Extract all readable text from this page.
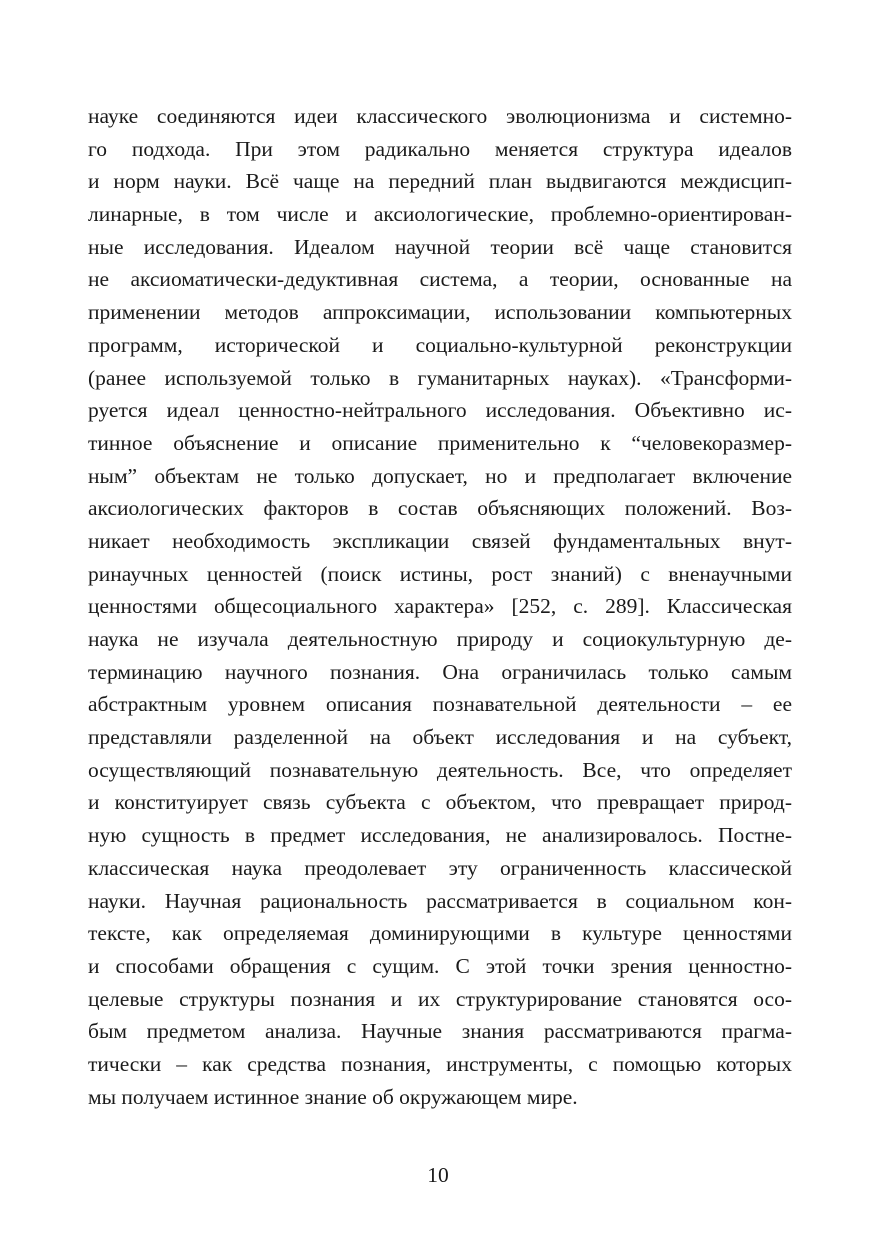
науке соединяются идеи классического эволюционизма и системно-
го подхода. При этом радикально меняется структура идеалов
и норм науки. Всё чаще на передний план выдвигаются междисцип-
линарные, в том числе и аксиологические, проблемно-ориентирован-
ные исследования. Идеалом научной теории всё чаще становится
не аксиоматически-дедуктивная система, а теории, основанные на
применении методов аппроксимации, использовании компьютерных
программ, исторической и социально-культурной реконструкции
(ранее используемой только в гуманитарных науках). «Трансформи-
руется идеал ценностно-нейтрального исследования. Объективно ис-
тинное объяснение и описание применительно к “человекоразмер-
ным” объектам не только допускает, но и предполагает включение
аксиологических факторов в состав объясняющих положений. Воз-
никает необходимость экспликации связей фундаментальных внут-
ринаучных ценностей (поиск истины, рост знаний) с вненаучными
ценностями общесоциального характера» [252, с. 289]. Классическая
наука не изучала деятельностную природу и социокультурную де-
терминацию научного познания. Она ограничилась только самым
абстрактным уровнем описания познавательной деятельности – ее
представляли разделенной на объект исследования и на субъект,
осуществляющий познавательную деятельность. Все, что определяет
и конституирует связь субъекта с объектом, что превращает природ-
ную сущность в предмет исследования, не анализировалось. Постне-
классическая наука преодолевает эту ограниченность классической
науки. Научная рациональность рассматривается в социальном кон-
тексте, как определяемая доминирующими в культуре ценностями
и способами обращения с сущим. С этой точки зрения ценностно-
целевые структуры познания и их структурирование становятся осо-
бым предметом анализа. Научные знания рассматриваются прагма-
тически – как средства познания, инструменты, с помощью которых
мы получаем истинное знание об окружающем мире.
10
